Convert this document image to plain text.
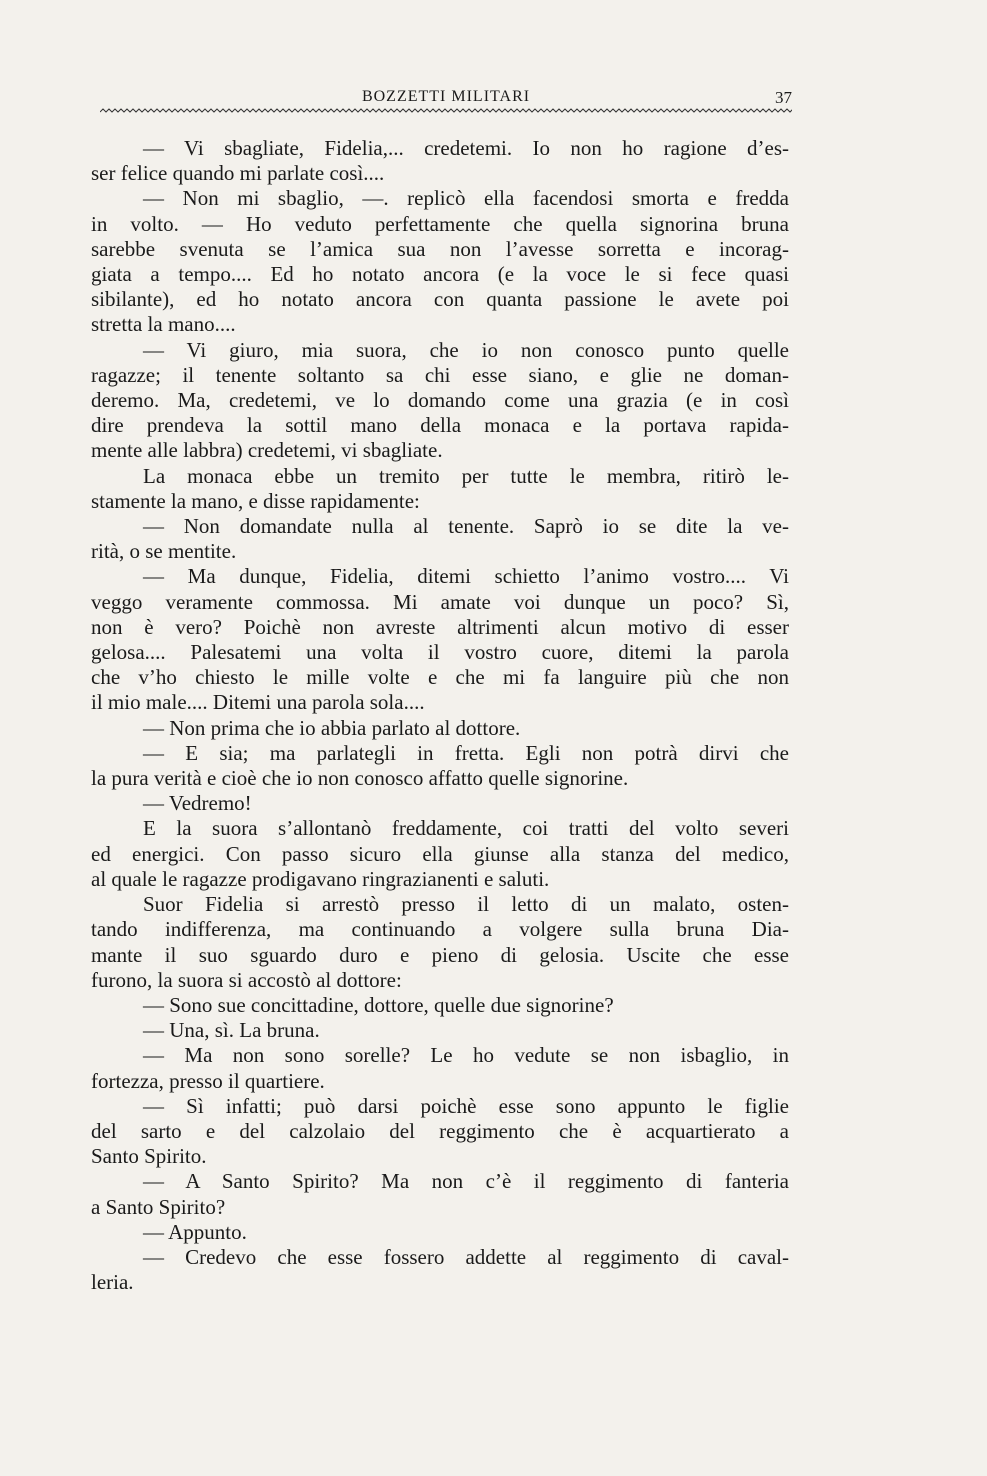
BOZZETTI MILITARI	37
— Vi sbagliate, Fidelia,... credetemi. Io non ho ragione d’es-
ser felice quando mi parlate così....
— Non mi sbaglio, —. replicò ella facendosi smorta e fredda
in volto. — Ho veduto perfettamente che quella signorina bruna
sarebbe svenuta se l’amica sua non l’avesse sorretta e incorag-
giata a tempo.... Ed ho notato ancora (e la voce le si fece quasi
sibilante), ed ho notato ancora con quanta passione le avete poi
stretta la mano....
— Vi giuro, mia suora, che io non conosco punto quelle
ragazze; il tenente soltanto sa chi esse siano, e glie ne doman-
deremo. Ma, credetemi, ve lo domando come una grazia (e in così
dire prendeva la sottil mano della monaca e la portava rapida-
mente alle labbra) credetemi, vi sbagliate.
La monaca ebbe un tremito per tutte le membra, ritirò le-
stamente la mano, e disse rapidamente:
— Non domandate nulla al tenente. Saprò io se dite la ve-
rità, o se mentite.
— Ma dunque, Fidelia, ditemi schietto l’animo vostro.... Vi
veggo veramente commossa. Mi amate voi dunque un poco? Sì,
non è vero? Poichè non avreste altrimenti alcun motivo di esser
gelosa.... Palesatemi una volta il vostro cuore, ditemi la parola
che v’ho chiesto le mille volte e che mi fa languire più che non
il mio male.... Ditemi una parola sola....
— Non prima che io abbia parlato al dottore.
— E sia; ma parlategli in fretta. Egli non potrà dirvi che
la pura verità e cioè che io non conosco affatto quelle signorine.
— Vedremo!
E la suora s’allontanò freddamente, coi tratti del volto severi
ed energici. Con passo sicuro ella giunse alla stanza del medico,
al quale le ragazze prodigavano ringrazianenti e saluti.
Suor Fidelia si arrestò presso il letto di un malato, osten-
tando indifferenza, ma continuando a volgere sulla bruna Dia-
mante il suo sguardo duro e pieno di gelosia. Uscite che esse
furono, la suora si accostò al dottore:
— Sono sue concittadine, dottore, quelle due signorine?
— Una, sì. La bruna.
— Ma non sono sorelle? Le ho vedute se non isbaglio, in
fortezza, presso il quartiere.
— Sì infatti; può darsi poichè esse sono appunto le figlie
del sarto e del calzolaio del reggimento che è acquartierato a
Santo Spirito.
— A Santo Spirito? Ma non c’è il reggimento di fanteria
a Santo Spirito?
— Appunto.
— Credevo che esse fossero addette al reggimento di caval-
leria.
